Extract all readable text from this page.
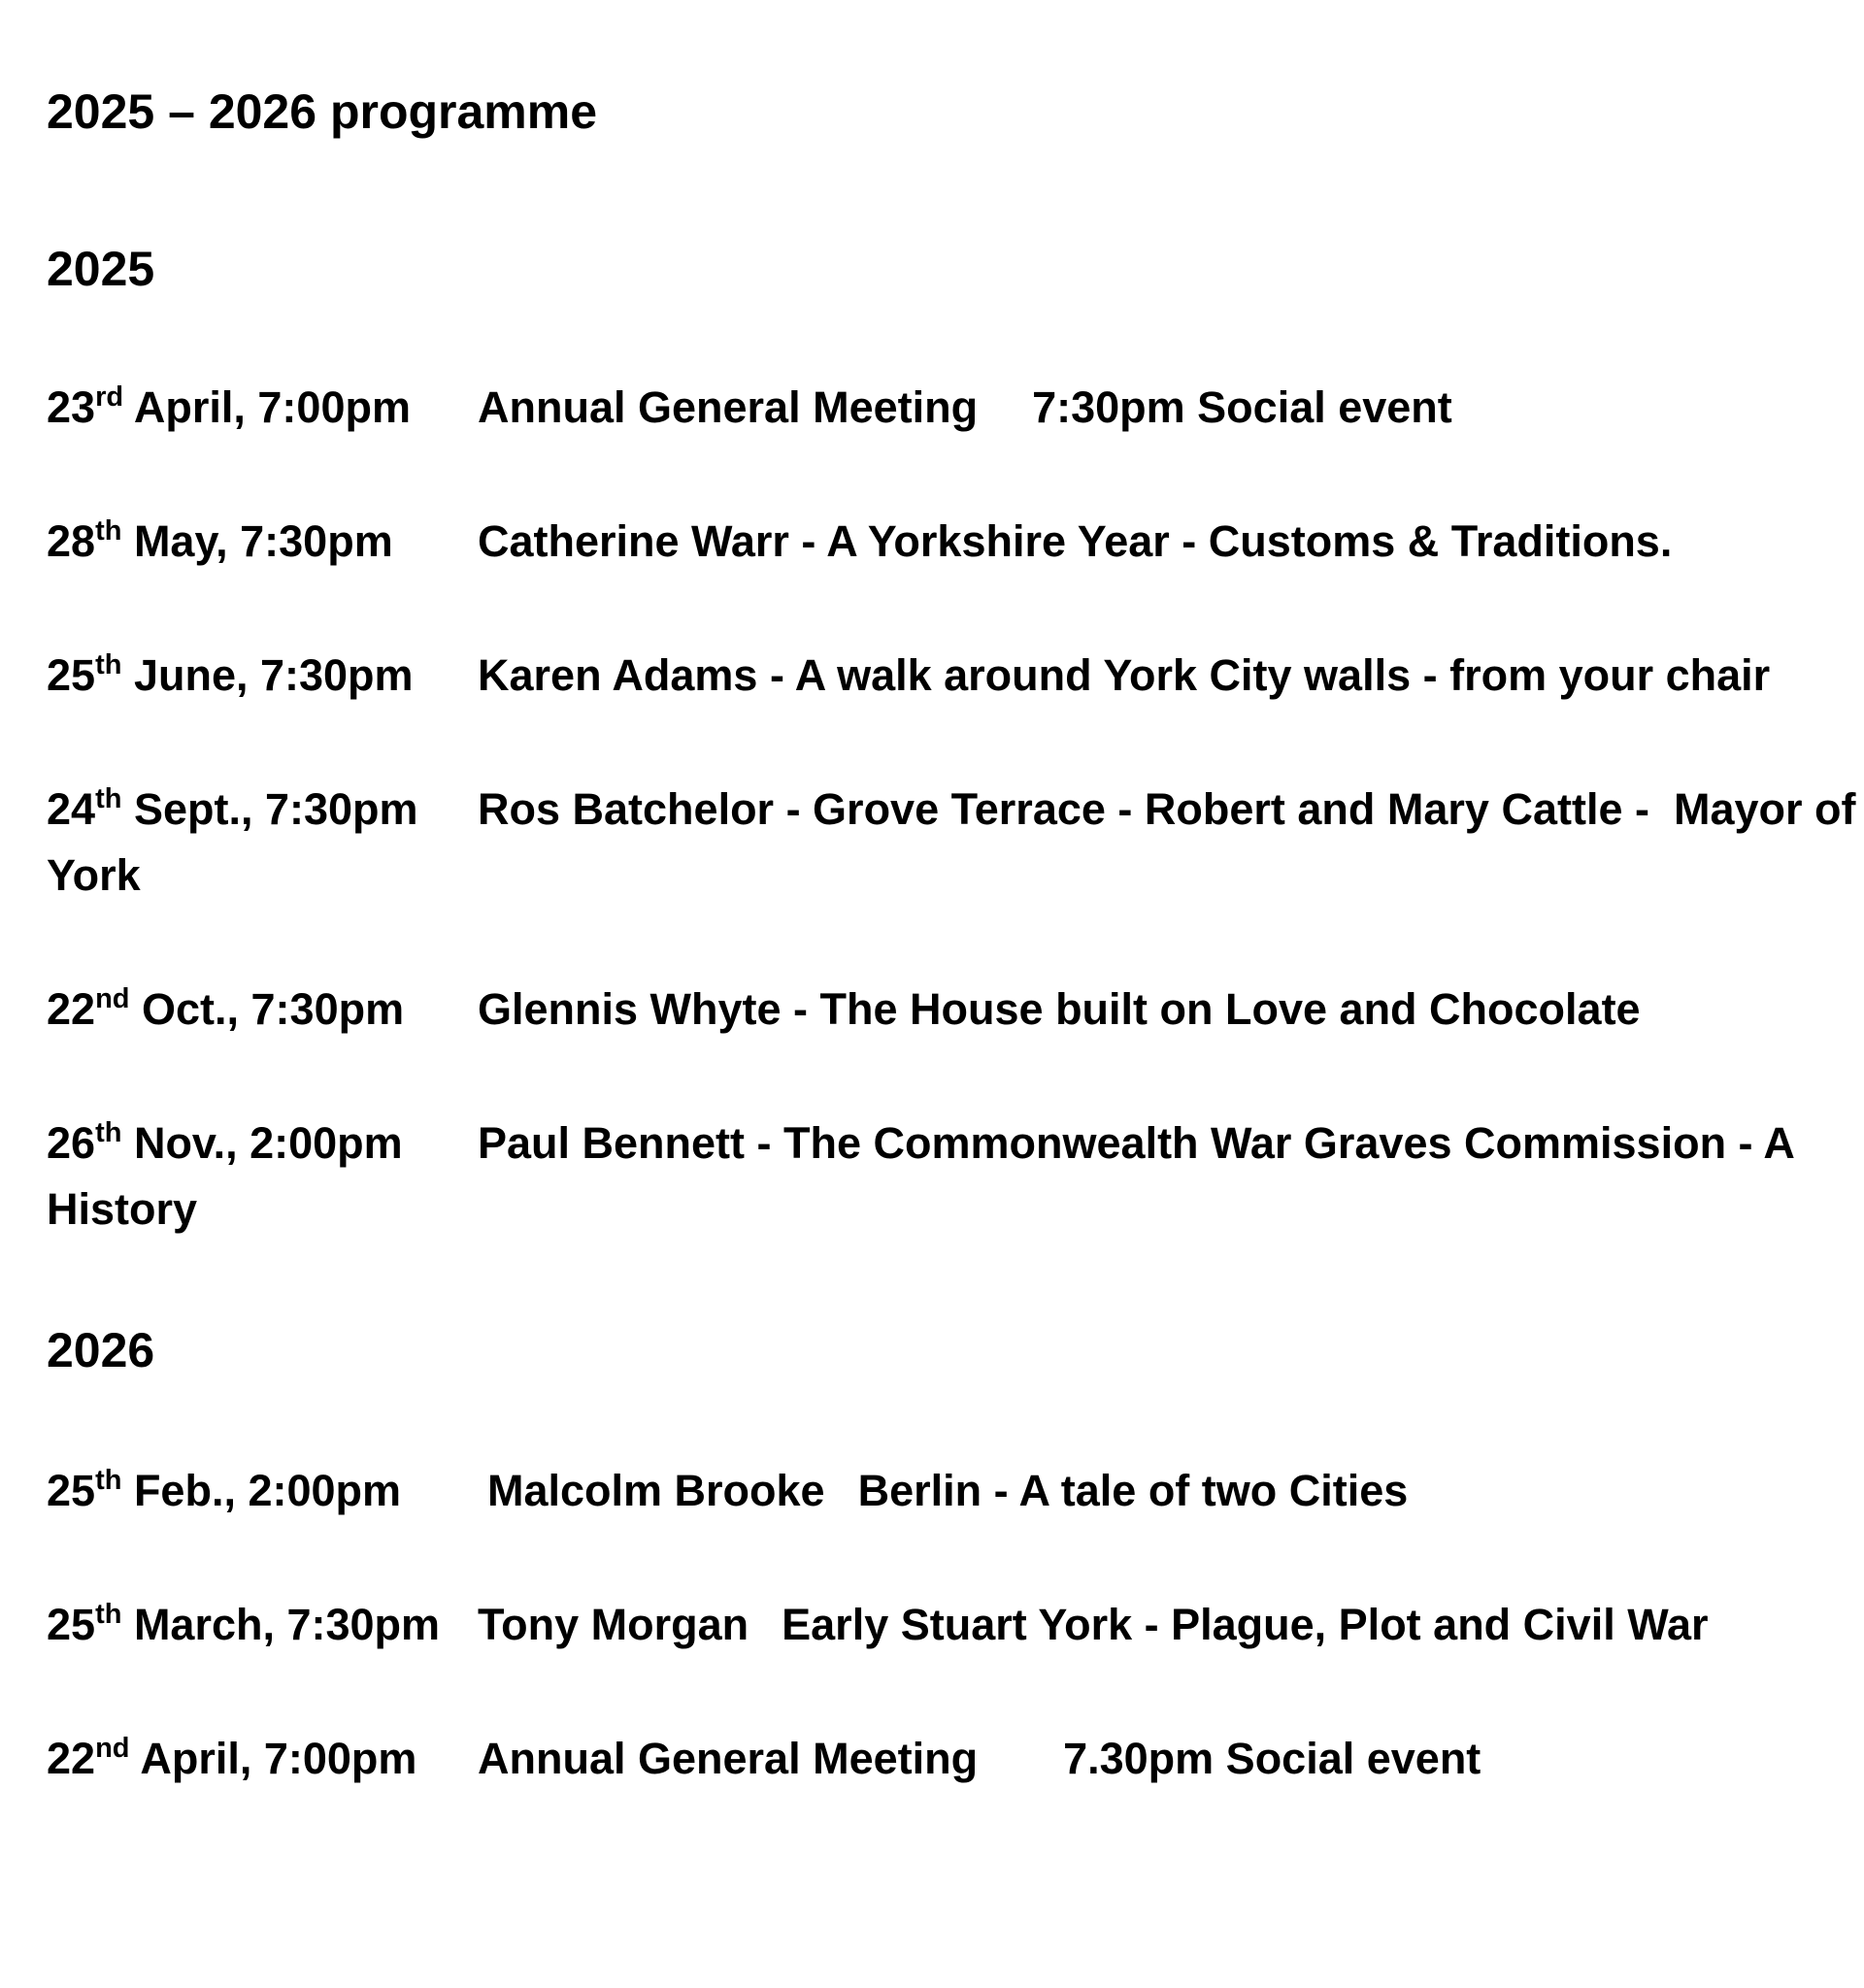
2025 – 2026 programme
2025

23rd April, 7:00pm Annual General Meeting 7:30pm Social event

28th May, 7:30pm Catherine Warr - A Yorkshire Year - Customs & Traditions.

25th June, 7:30pm Karen Adams - A walk around York City walls - from your chair

24th Sept., 7:30pm Ros Batchelor - Grove Terrace - Robert and Mary Cattle -  Mayor of
York

22nd Oct., 7:30pm Glennis Whyte - The House built on Love and Chocolate

26th Nov., 2:00pm Paul Bennett - The Commonwealth War Graves Commission - A
History

2026

25th Feb., 2:00pm Malcolm Brooke Berlin - A tale of two Cities

25th March, 7:30pm Tony Morgan Early Stuart York - Plague, Plot and Civil War

22nd April, 7:00pm Annual General Meeting 7.30pm Social event
